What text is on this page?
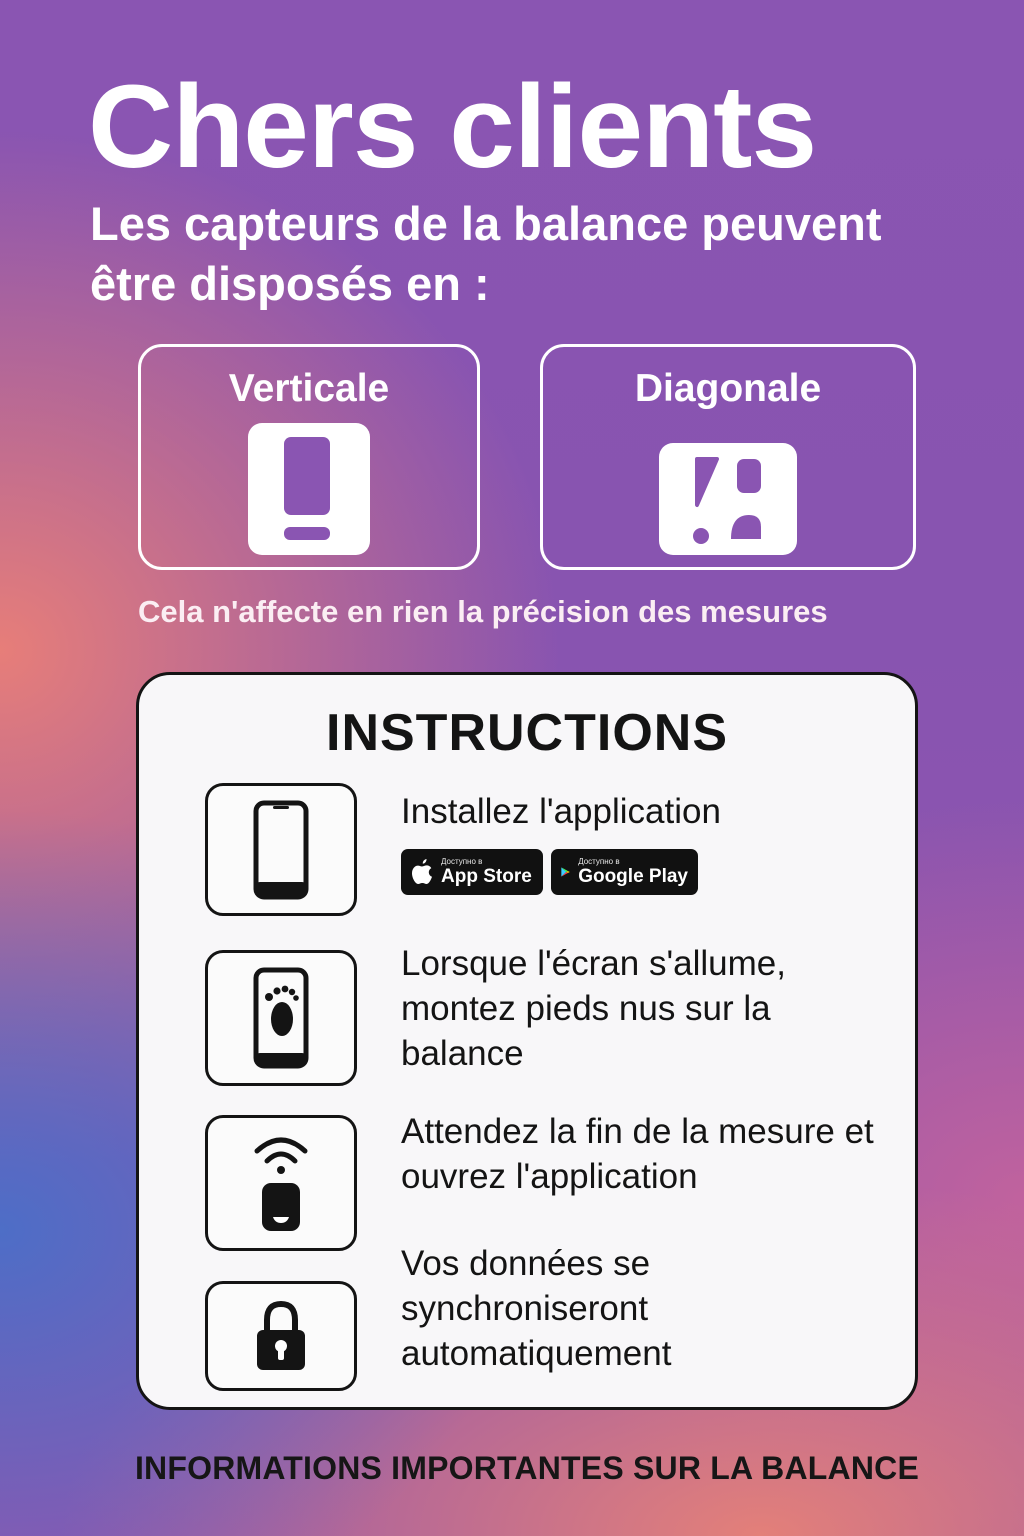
Chers clients

Les capteurs de la balance peuvent être disposés en :

Verticale	Diagonale
Cela n'affecte en rien la précision des mesures
INSTRUCTIONS
Installez l'application
Доступно в
App Store
Доступно в
Google Play
Lorsque l'écran s'allume, montez pieds nus sur la balance
Attendez la fin de la mesure et ouvrez l'application
Vos données se synchroniseront automatiquement
INFORMATIONS IMPORTANTES SUR LA BALANCE
